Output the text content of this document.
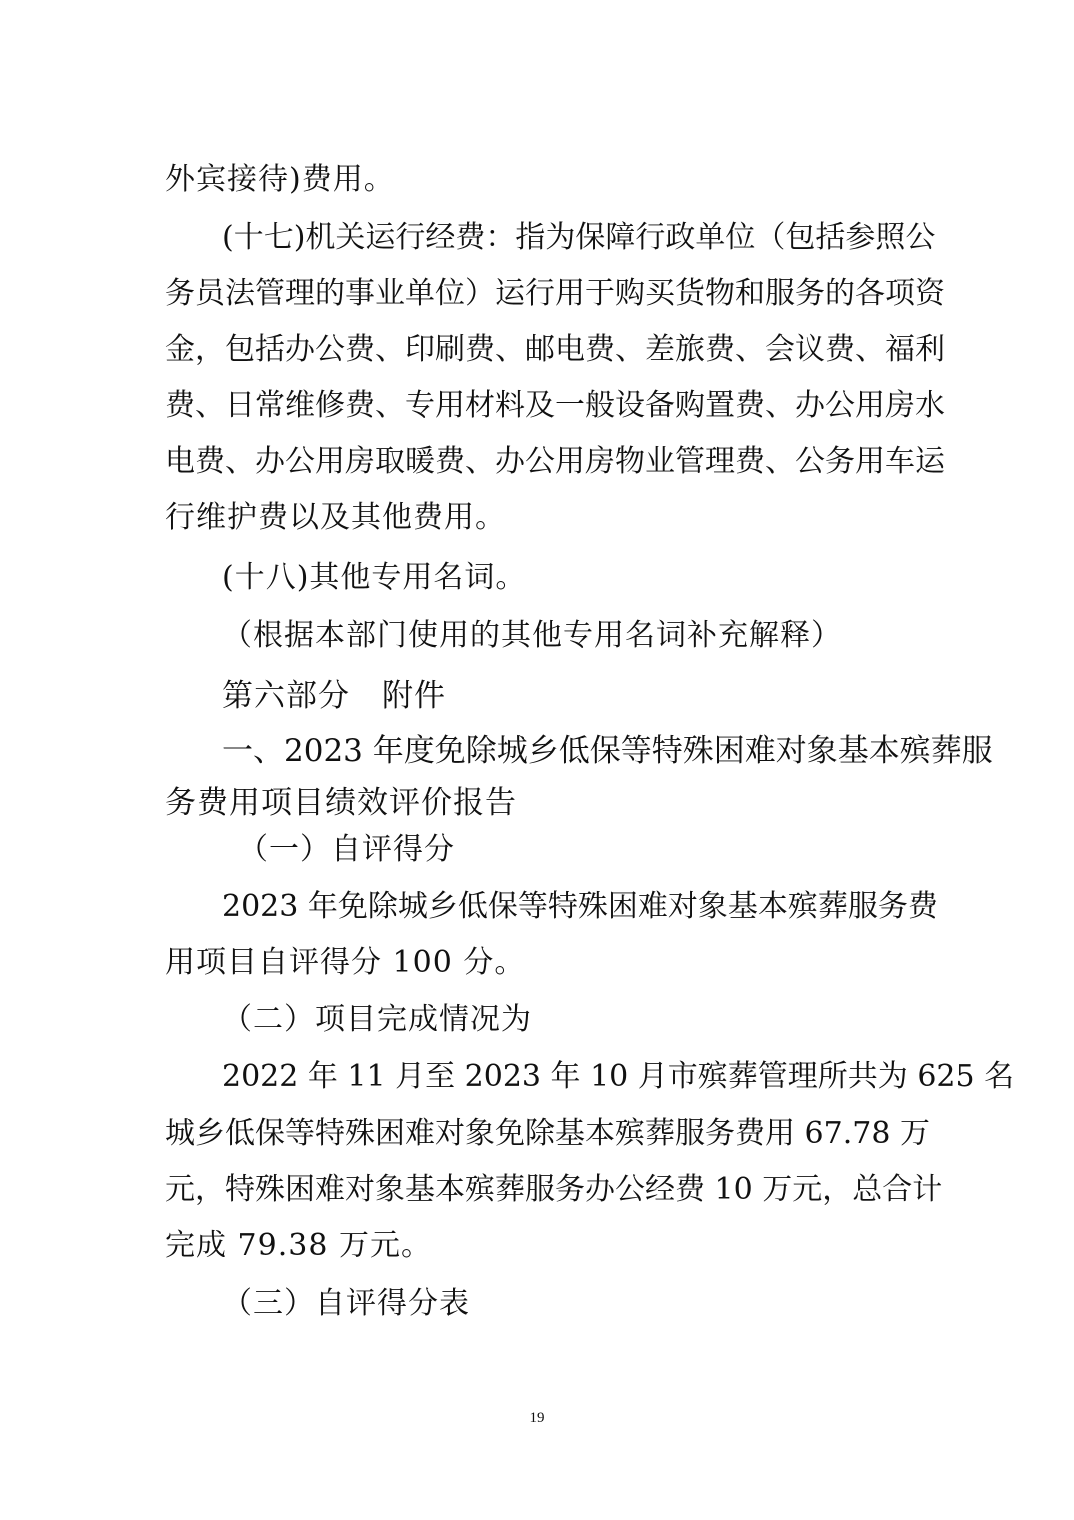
外宾接待)费用。

(十七)机关运行经费：指为保障行政单位（包括参照公

务员法管理的事业单位）运行用于购买货物和服务的各项资

金，包括办公费、印刷费、邮电费、差旅费、会议费、福利

费、日常维修费、专用材料及一般设备购置费、办公用房水

电费、办公用房取暖费、办公用房物业管理费、公务用车运

行维护费以及其他费用。

(十八)其他专用名词。

（根据本部门使用的其他专用名词补充解释）

第六部分　附件

一、2023 年度免除城乡低保等特殊困难对象基本殡葬服

务费用项目绩效评价报告

（一）自评得分

2023 年免除城乡低保等特殊困难对象基本殡葬服务费

用项目自评得分 100 分。

（二）项目完成情况为

2022 年 11 月至 2023 年 10 月市殡葬管理所共为 625 名

城乡低保等特殊困难对象免除基本殡葬服务费用 67.78 万

元，特殊困难对象基本殡葬服务办公经费 10 万元，总合计

完成 79.38 万元。

（三）自评得分表

19
